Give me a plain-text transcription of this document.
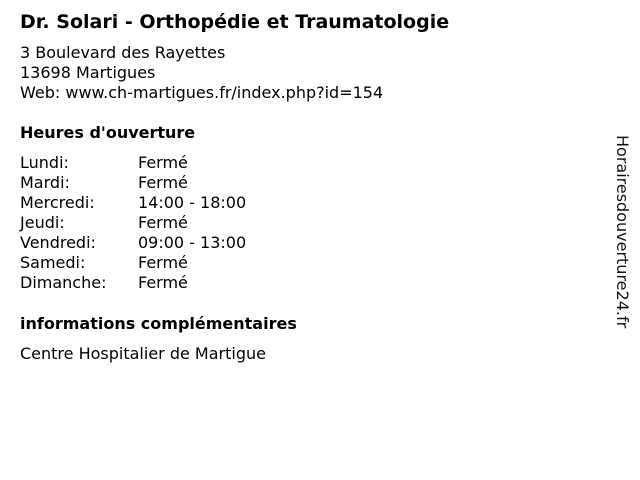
Dr. Solari - Orthopédie et Traumatologie
3 Boulevard des Rayettes
13698 Martigues
Web: www.ch-martigues.fr/index.php?id=154
Heures d'ouverture
Lundi:	Fermé
Mardi:	Fermé
Mercredi:	14:00 - 18:00
Jeudi:	Fermé
Vendredi:	09:00 - 13:00
Samedi:	Fermé
Dimanche: Fermé
informations complémentaires
Centre Hospitalier de Martigue
Horairesdouverture24.fr
